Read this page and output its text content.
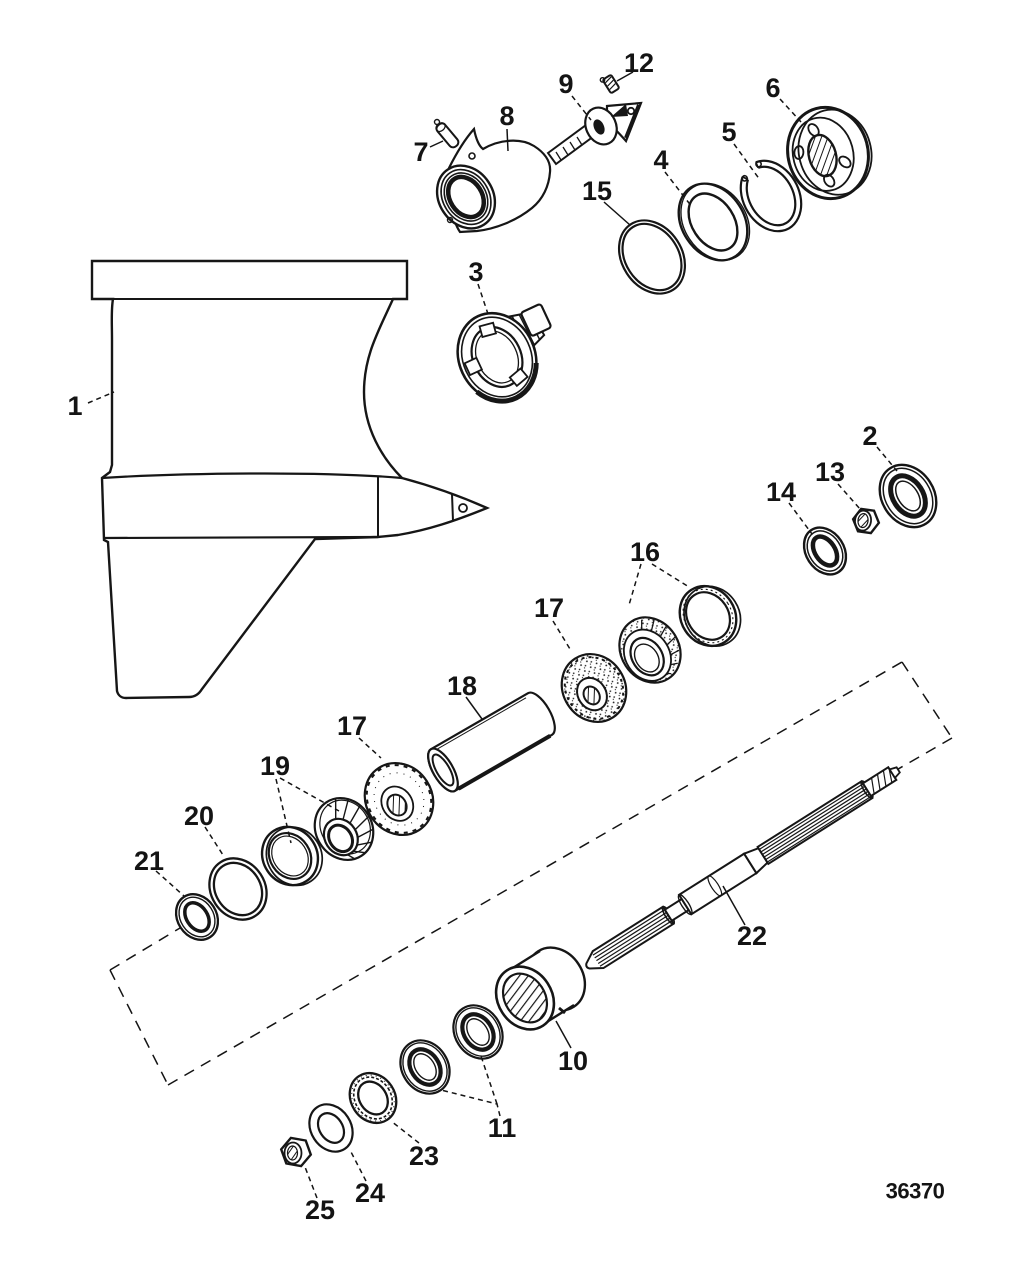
1
2
3
4
5
6
7
8
9
10
11
12
13
14
15
16
17
17
18
19
20
21
22
23
24
25
36370
